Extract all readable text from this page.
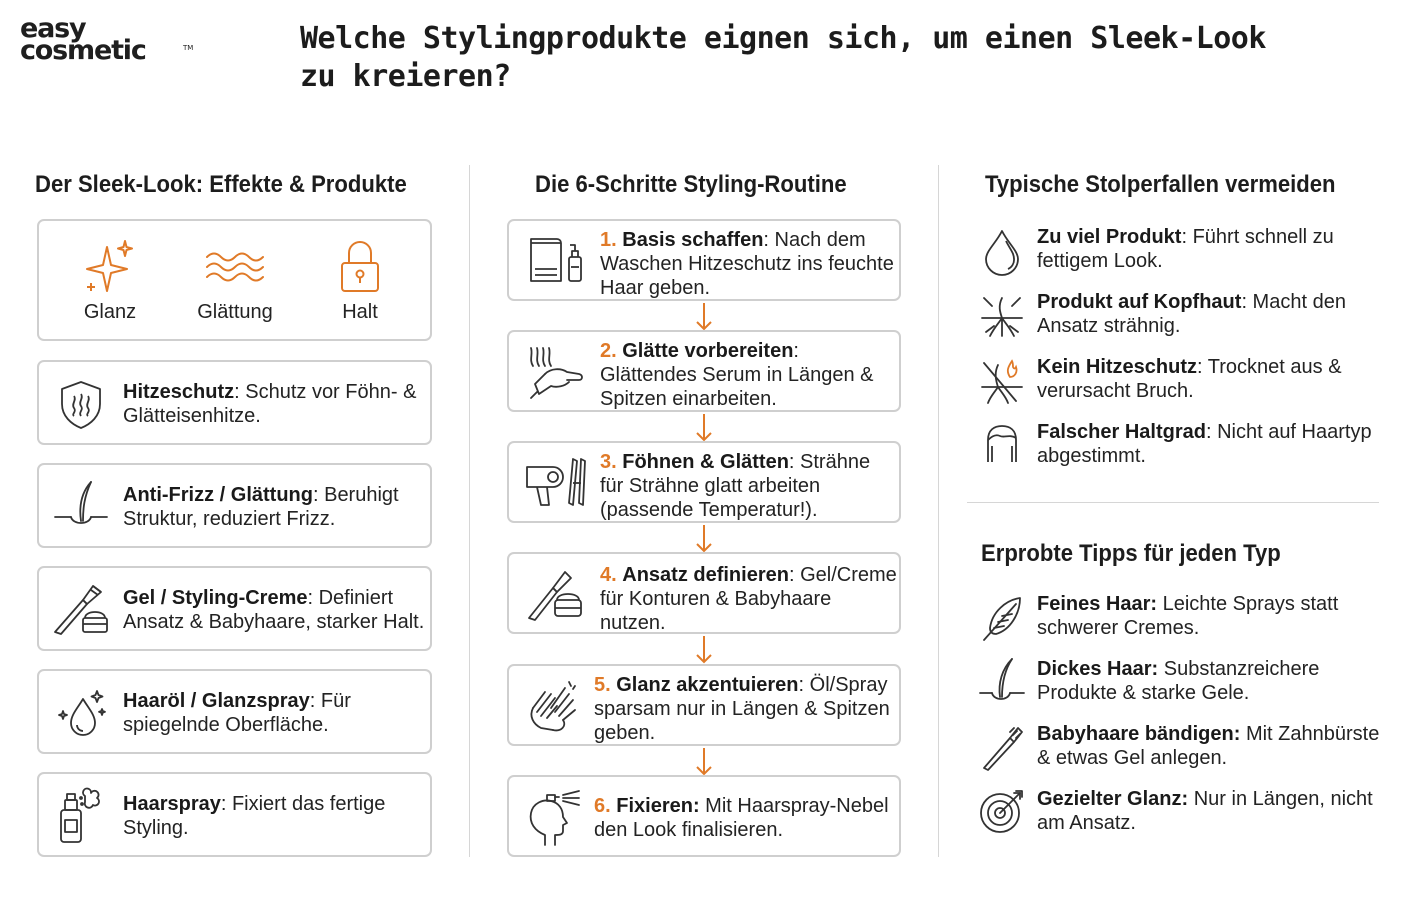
easy
cosmetic	TM	Welche Stylingprodukte eignen sich, um einen Sleek-Look zu kreieren?
Der Sleek-Look: Effekte & Produkte
Glanz	Glättung	Halt
Hitzeschutz: Schutz vor Föhn- & Glätteisenhitze.
Anti-Frizz / Glättung: Beruhigt Struktur, reduziert Frizz.
Gel / Styling-Creme: Definiert Ansatz & Babyhaare, starker Halt.
Haaröl / Glanzspray: Für spiegelnde Oberfläche.
Haarspray: Fixiert das fertige Styling.
Die 6-Schritte Styling-Routine
1. Basis schaffen: Nach dem Waschen Hitzeschutz ins feuchte Haar geben.
2. Glätte vorbereiten: Glättendes Serum in Längen & Spitzen einarbeiten.
3. Föhnen & Glätten: Strähne für Strähne glatt arbeiten (passende Temperatur!).
4. Ansatz definieren: Gel/Creme für Konturen & Babyhaare nutzen.
5. Glanz akzentuieren: Öl/Spray sparsam nur in Längen & Spitzen geben.
6. Fixieren: Mit Haarspray-Nebel den Look finalisieren.
Typische Stolperfallen vermeiden
Zu viel Produkt: Führt schnell zu fettigem Look.
Produkt auf Kopfhaut: Macht den Ansatz strähnig.
Kein Hitzeschutz: Trocknet aus & verursacht Bruch.
Falscher Haltgrad: Nicht auf Haartyp abgestimmt.
Erprobte Tipps für jeden Typ
Feines Haar: Leichte Sprays statt schwerer Cremes.
Dickes Haar: Substanzreichere Produkte & starke Gele.
Babyhaare bändigen: Mit Zahnbürste & etwas Gel anlegen.
Gezielter Glanz: Nur in Längen, nicht am Ansatz.
